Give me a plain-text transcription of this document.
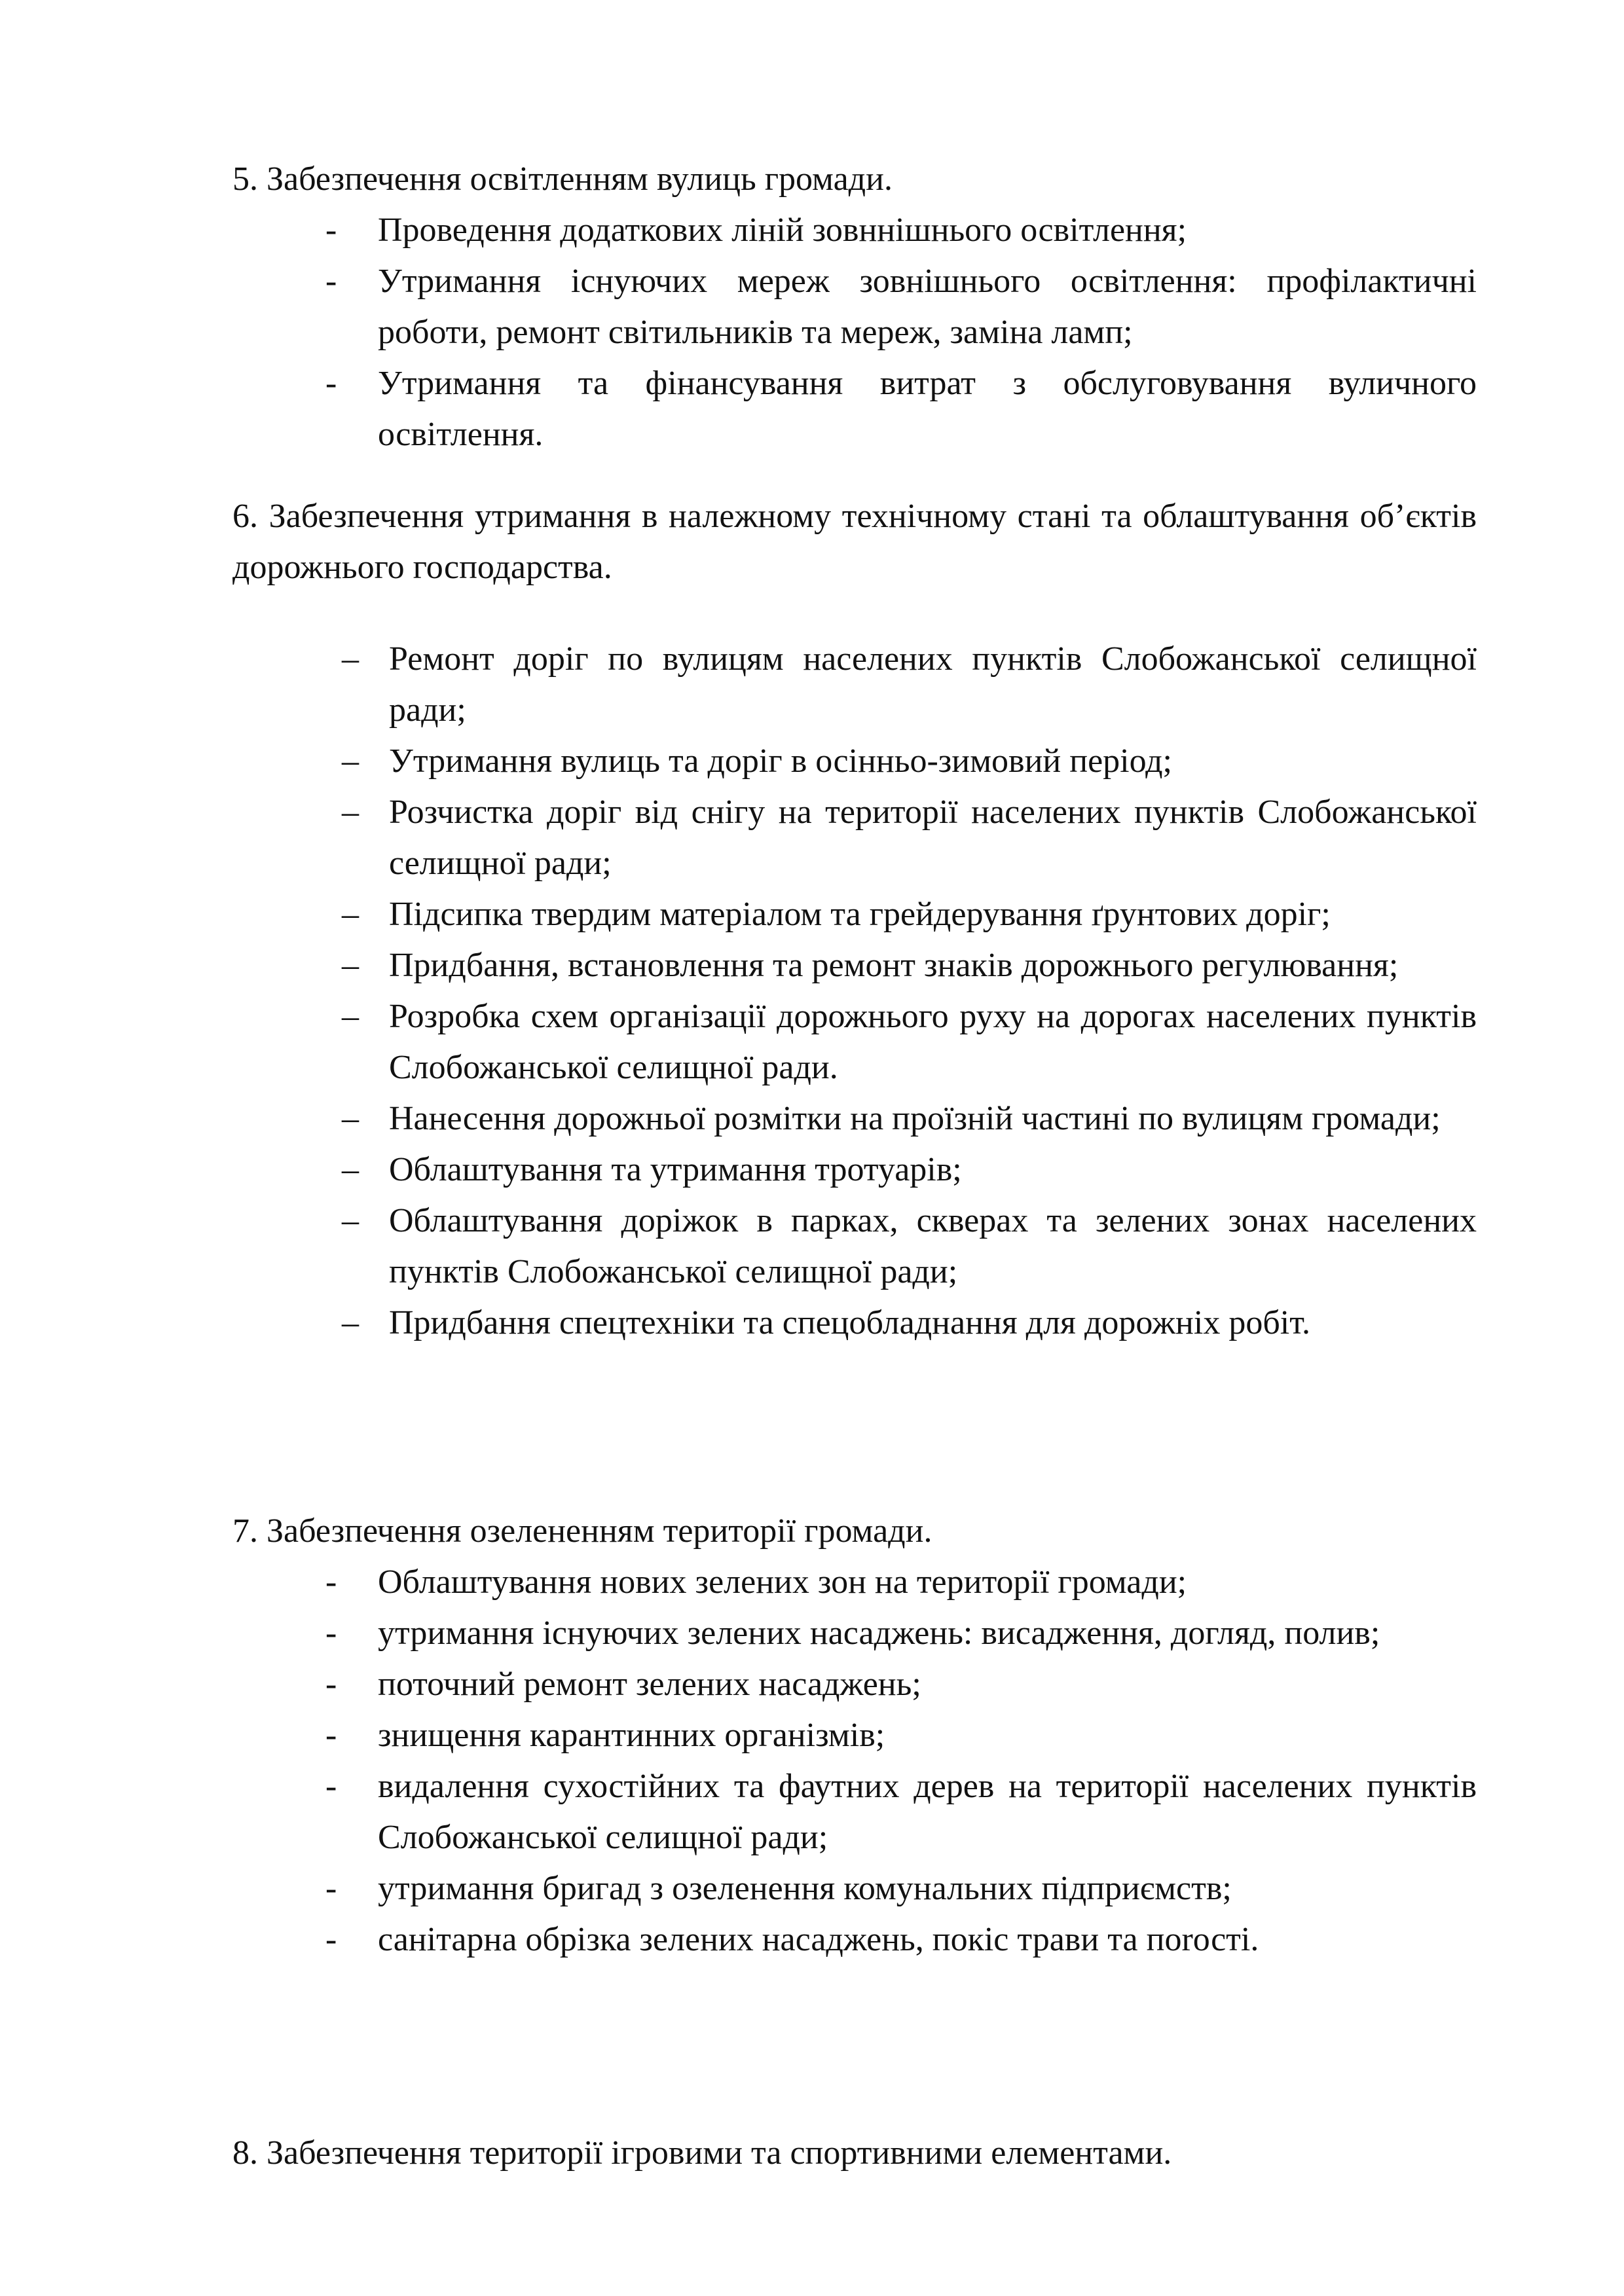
5. Забезпечення освітленням вулиць громади.

- Проведення додаткових ліній зовннішнього освітлення;
- Утримання існуючих мереж зовнішнього освітлення: профілактичні роботи, ремонт світильників та мереж, заміна ламп;
- Утримання та фінансування витрат з обслуговування вуличного освітлення.

6. Забезпечення утримання в належному технічному стані та облаштування об’єктів дорожнього господарства.

– Ремонт доріг по вулицям населених пунктів Слобожанської селищної ради;
– Утримання вулиць та доріг в осінньо-зимовий період;
– Розчистка доріг від снігу на території населених пунктів Слобожанської селищної ради;
– Підсипка твердим матеріалом та грейдерування ґрунтових доріг;
– Придбання, встановлення та ремонт знаків дорожнього регулювання;
– Розробка схем організації дорожнього руху на дорогах населених пунктів Слобожанської селищної ради.
– Нанесення дорожньої розмітки на проїзній частині по вулицям громади;
– Облаштування та утримання тротуарів;
– Облаштування доріжок в парках, скверах та зелених зонах населених пунктів Слобожанської селищної ради;
– Придбання спецтехніки та спецобладнання для дорожніх робіт.

7. Забезпечення озелененням території громади.

- Облаштування нових зелених зон на території громади;
- утримання існуючих зелених насаджень: висадження, догляд, полив;
- поточний ремонт зелених насаджень;
- знищення карантинних організмів;
- видалення сухостійних та фаутних дерев на території населених пунктів Слобожанської селищної ради;
- утримання бригад з озеленення комунальних підприємств;
- санітарна обрізка зелених насаджень, покіс трави та пorості.

8. Забезпечення території ігровими та спортивними елементами.
